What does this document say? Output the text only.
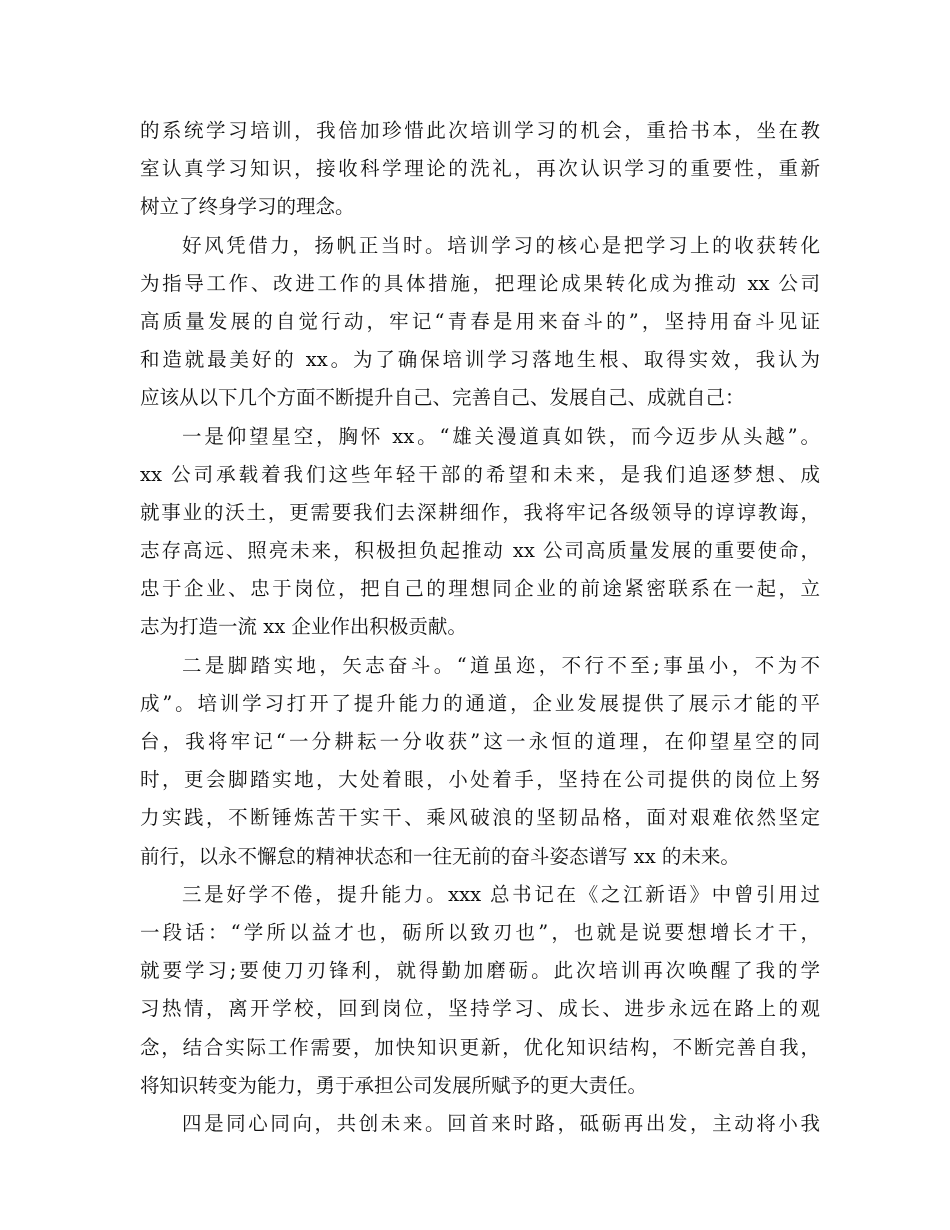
的系统学习培训，我倍加珍惜此次培训学习的机会，重拾书本，坐在教
室认真学习知识，接收科学理论的洗礼，再次认识学习的重要性，重新
树立了终身学习的理念。
好风凭借力，扬帆正当时。培训学习的核心是把学习上的收获转化
为指导工作、改进工作的具体措施，把理论成果转化成为推动 xx 公司
高质量发展的自觉行动，牢记“青春是用来奋斗的”，坚持用奋斗见证
和造就最美好的 xx。为了确保培训学习落地生根、取得实效，我认为
应该从以下几个方面不断提升自己、完善自己、发展自己、成就自己：
一是仰望星空，胸怀 xx。“雄关漫道真如铁，而今迈步从头越”。
xx 公司承载着我们这些年轻干部的希望和未来，是我们追逐梦想、成
就事业的沃土，更需要我们去深耕细作，我将牢记各级领导的谆谆教诲，
志存高远、照亮未来，积极担负起推动 xx 公司高质量发展的重要使命，
忠于企业、忠于岗位，把自己的理想同企业的前途紧密联系在一起，立
志为打造一流 xx 企业作出积极贡献。
二是脚踏实地，矢志奋斗。“道虽迩，不行不至;事虽小，不为不
成”。培训学习打开了提升能力的通道，企业发展提供了展示才能的平
台，我将牢记“一分耕耘一分收获”这一永恒的道理，在仰望星空的同
时，更会脚踏实地，大处着眼，小处着手，坚持在公司提供的岗位上努
力实践，不断锤炼苦干实干、乘风破浪的坚韧品格，面对艰难依然坚定
前行，以永不懈怠的精神状态和一往无前的奋斗姿态谱写 xx 的未来。
三是好学不倦，提升能力。xxx 总书记在《之江新语》中曾引用过
一段话：“学所以益才也，砺所以致刃也”，也就是说要想增长才干，
就要学习;要使刀刃锋利，就得勤加磨砺。此次培训再次唤醒了我的学
习热情，离开学校，回到岗位，坚持学习、成长、进步永远在路上的观
念，结合实际工作需要，加快知识更新，优化知识结构，不断完善自我，
将知识转变为能力，勇于承担公司发展所赋予的更大责任。
四是同心同向，共创未来。回首来时路，砥砺再出发，主动将小我
